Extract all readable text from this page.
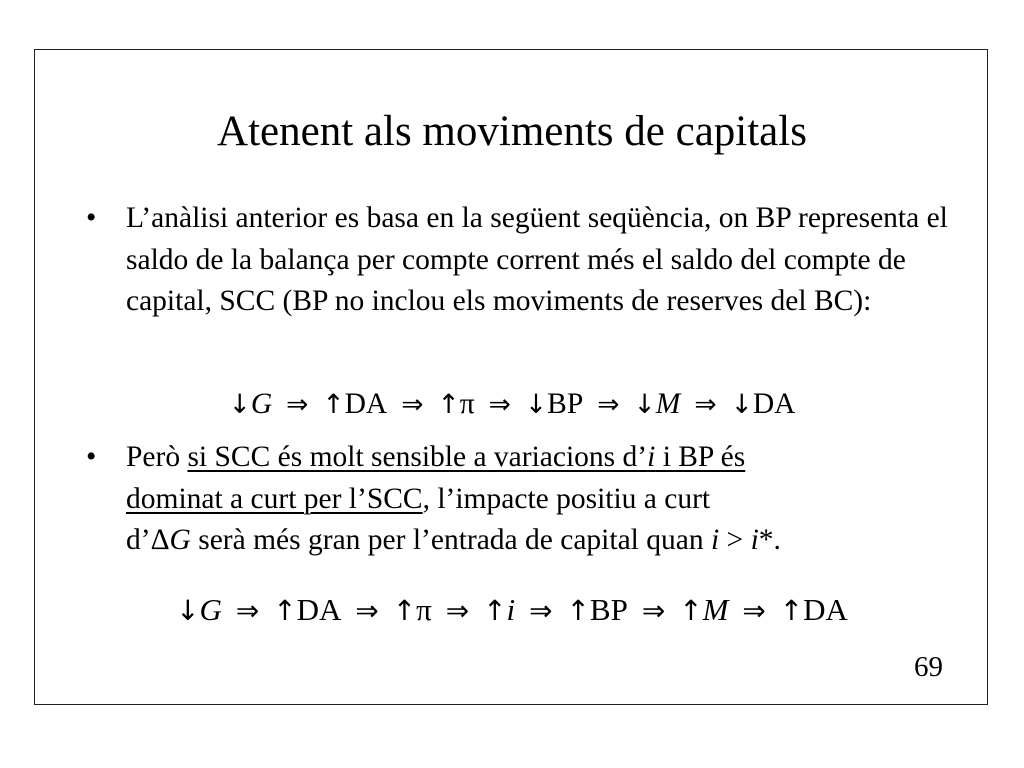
Atenent als moviments de capitals
• L’anàlisi anterior es basa en la següent seqüència, on BP representa el saldo de la balança per compte corrent més el saldo del compte de capital, SCC (BP no inclou els moviments de reserves del BC):
↓G ⇒ ↑DA ⇒ ↑π ⇒ ↓BP ⇒ ↓M ⇒ ↓DA
• Però si SCC és molt sensible a variacions d’i i BP és
dominat a curt per l’SCC, l’impacte positiu a curt
d’ΔG serà més gran per l’entrada de capital quan i > i*.
↓G ⇒ ↑DA ⇒ ↑π ⇒ ↑i ⇒ ↑BP ⇒ ↑M ⇒ ↑DA
69
